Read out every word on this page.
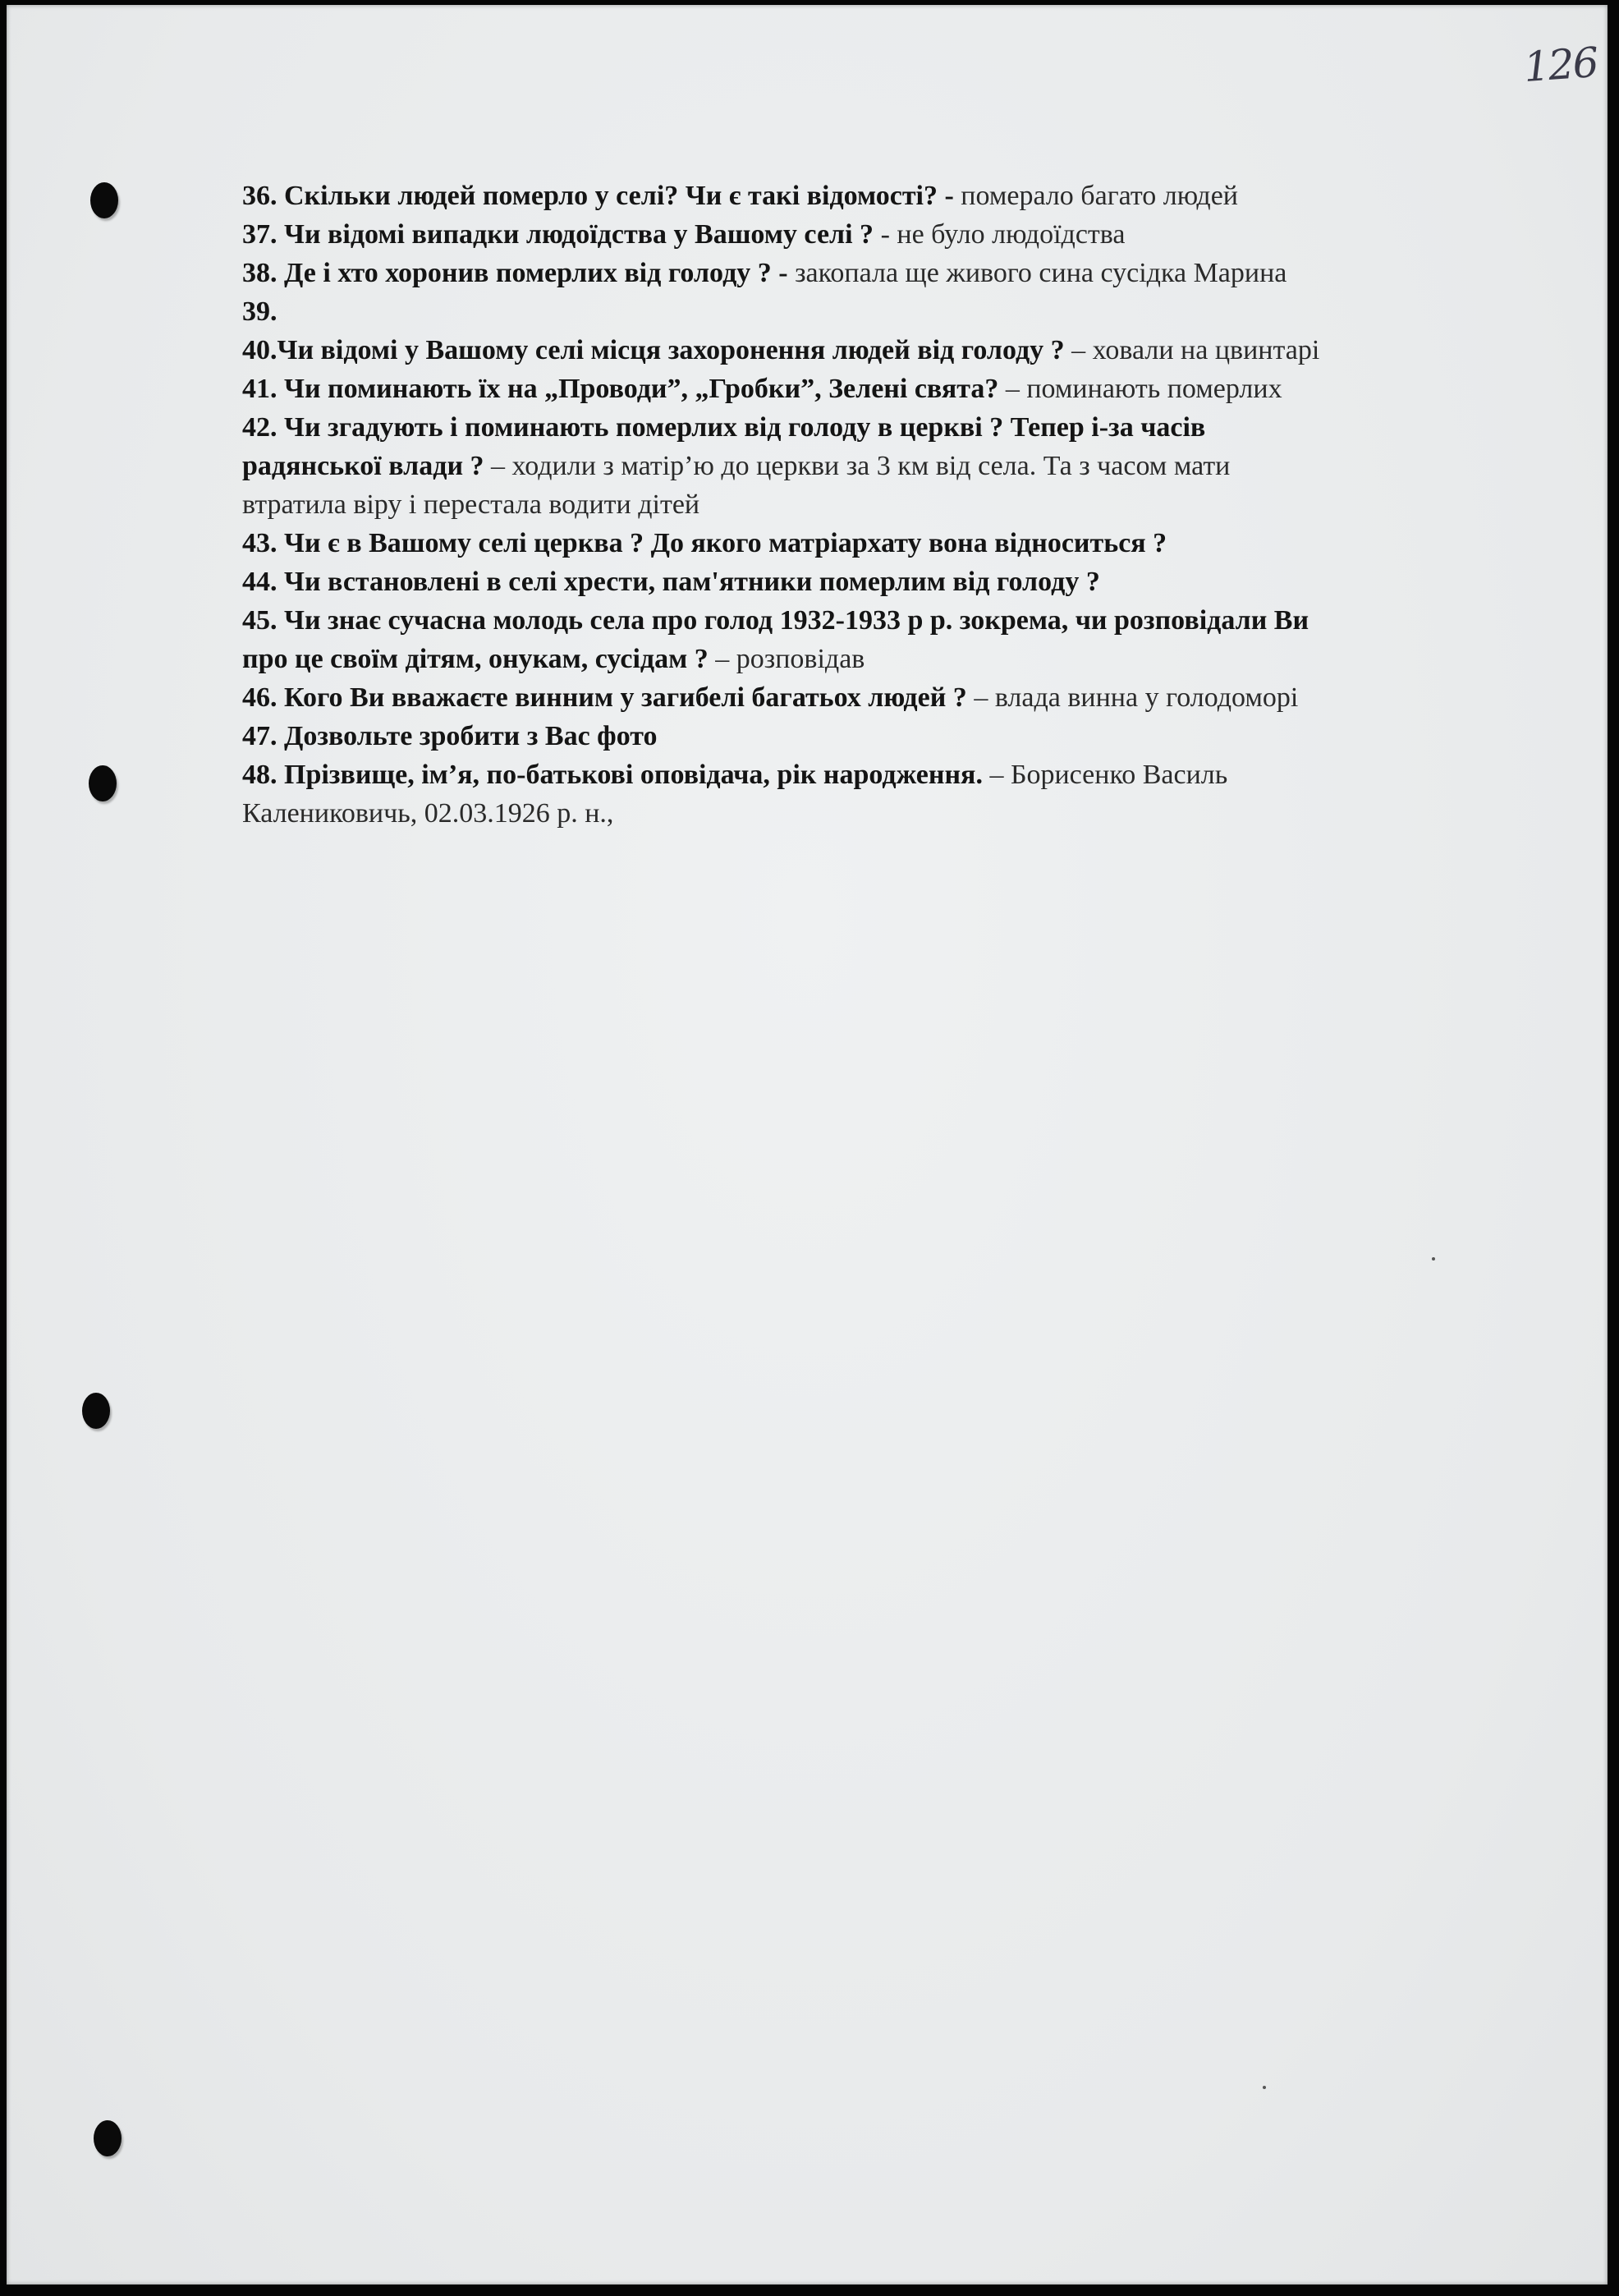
126

36. Скільки людей померло у селі? Чи є такі відомості? - померало багато людей

37. Чи відомі випадки людоїдства у Вашому селі ? - не було людоїдства

38. Де і хто хоронив померлих від голоду ? - закопала ще живого сина сусідка Марина

39.

40.Чи відомі у Вашому селі місця захоронення людей від голоду ? – ховали на цвинтарі

41. Чи поминають їх на „Проводи”, „Гробки”, Зелені свята? – поминають померлих

42. Чи згадують і поминають померлих від голоду в церкві ? Тепер і-за часів

радянської влади ? – ходили з матір’ю до церкви за 3 км від села. Та з часом мати

втратила віру і перестала водити дітей

43. Чи є в Вашому селі церква ? До якого матріархату вона відноситься ?

44. Чи встановлені в селі хрести, пам'ятники померлим від голоду ?

45. Чи знає сучасна молодь села про голод 1932-1933 р р. зокрема, чи розповідали Ви

про це своїм дітям, онукам, сусідам ? – розповідав

46. Кого Ви вважаєте винним у загибелі багатьох людей ? – влада винна у голодоморі

47. Дозвольте зробити з Вас фото

48. Прізвище, ім’я, по-батькові оповідача, рік народження. – Борисенко Василь

Калениковичь, 02.03.1926 р. н.,
